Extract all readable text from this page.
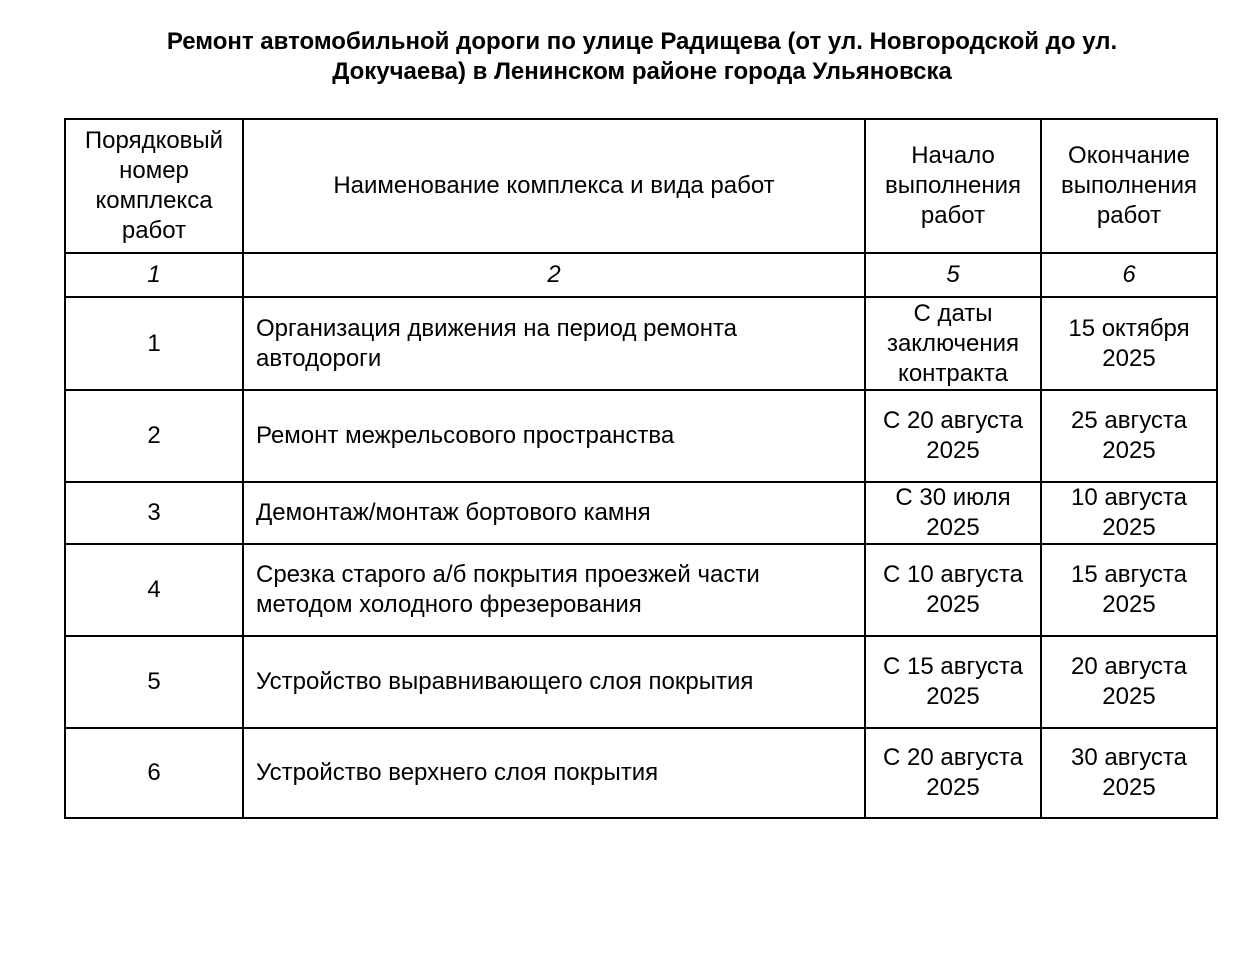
Ремонт автомобильной дороги по улице Радищева (от ул. Новгородской до ул.
Докучаева) в Ленинском районе города Ульяновска
Порядковый номер комплекса работ	Наименование комплекса и вида работ	Начало выполнения работ	Окончание выполнения работ
1	2	5	6
1	Организация движения на период ремонта автодороги	С даты заключения контракта	15 октября 2025
2	Ремонт межрельсового пространства	С 20 августа 2025	25 августа 2025
3	Демонтаж/монтаж бортового камня	С 30 июля 2025	10 августа 2025
4	Срезка старого а/б покрытия проезжей части методом холодного фрезерования	С 10 августа 2025	15 августа 2025
5	Устройство выравнивающего слоя покрытия	С 15 августа 2025	20 августа 2025
6	Устройство верхнего слоя покрытия	С 20 августа 2025	30 августа 2025
